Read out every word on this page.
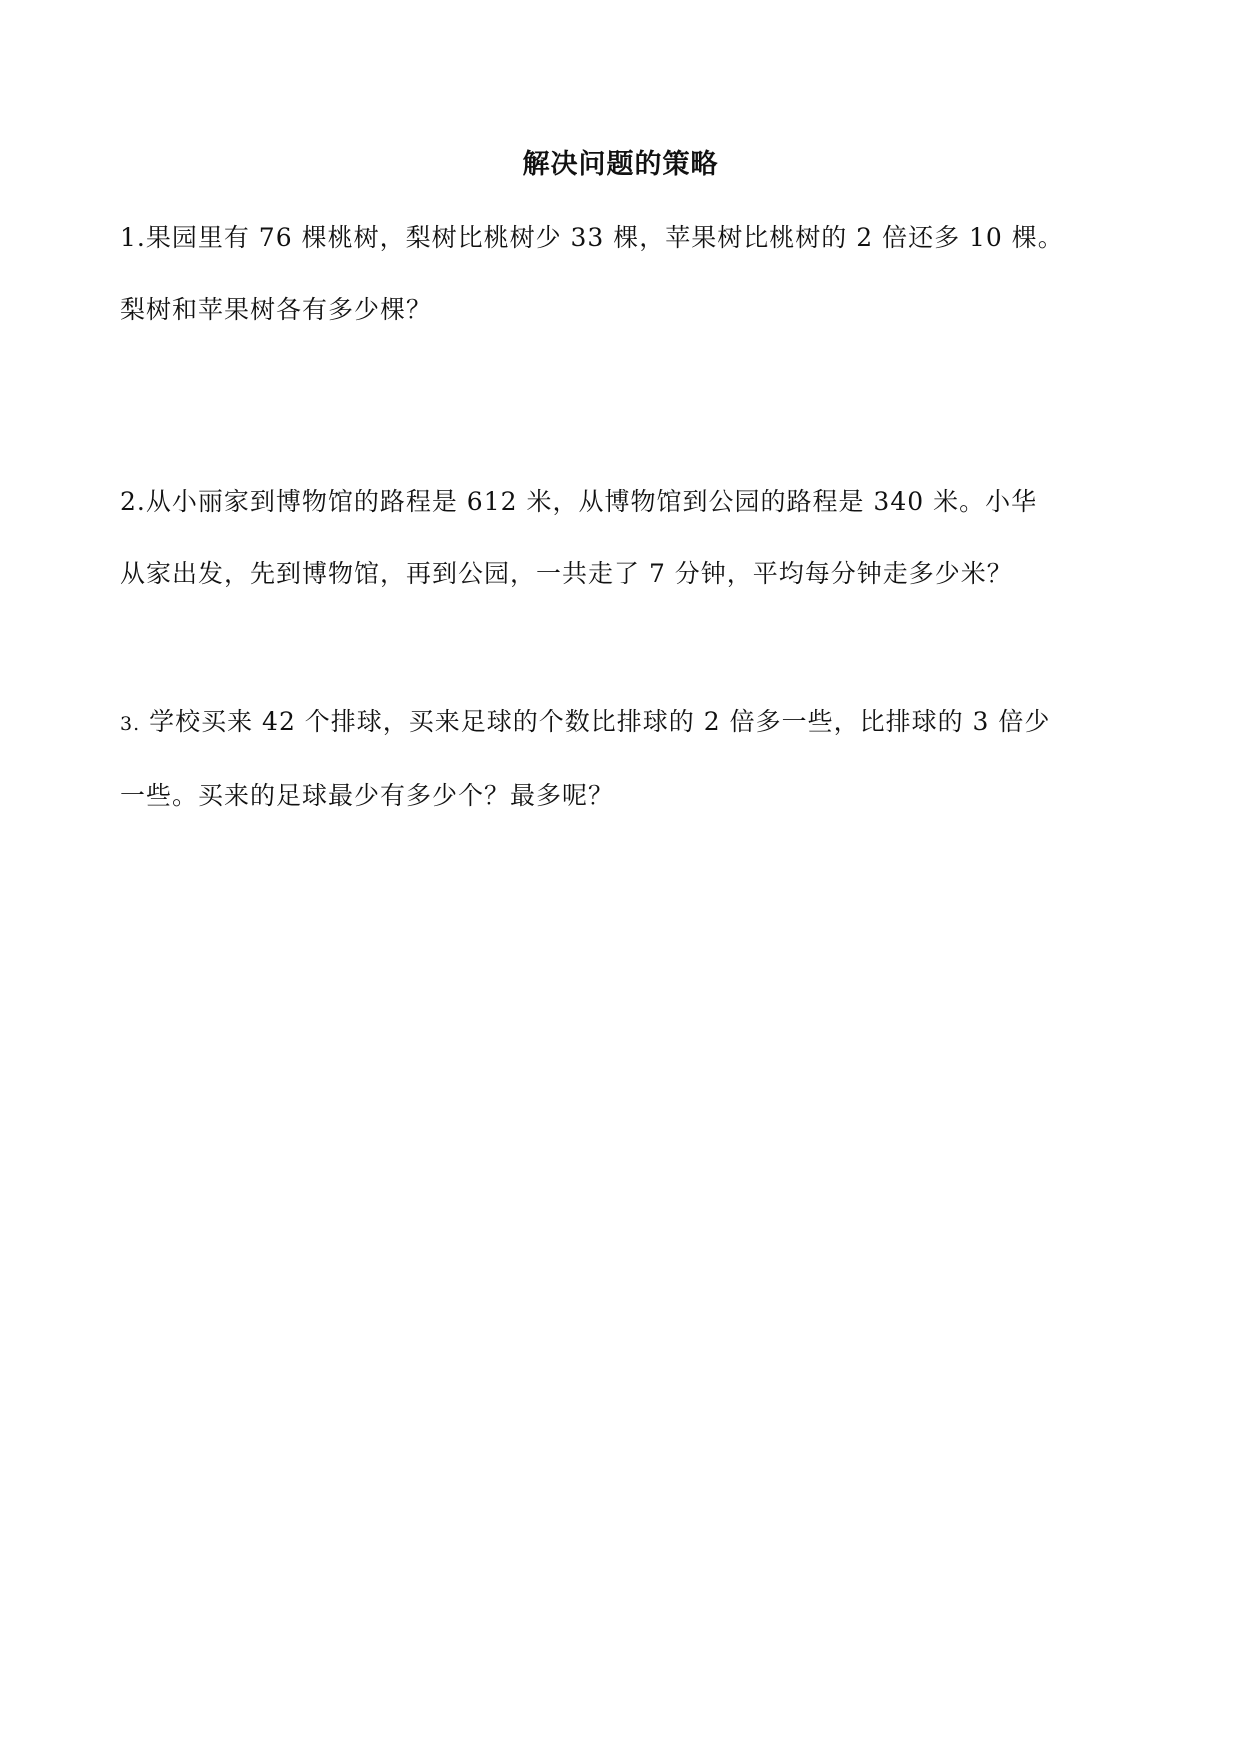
解决问题的策略
1.果园里有 76 棵桃树，梨树比桃树少 33 棵，苹果树比桃树的 2 倍还多 10 棵。
梨树和苹果树各有多少棵？
2.从小丽家到博物馆的路程是 612 米，从博物馆到公园的路程是 340 米。小华
从家出发，先到博物馆，再到公园，一共走了 7 分钟，平均每分钟走多少米？
3. 学校买来 42 个排球，买来足球的个数比排球的 2 倍多一些，比排球的 3 倍少
一些。买来的足球最少有多少个？最多呢？
